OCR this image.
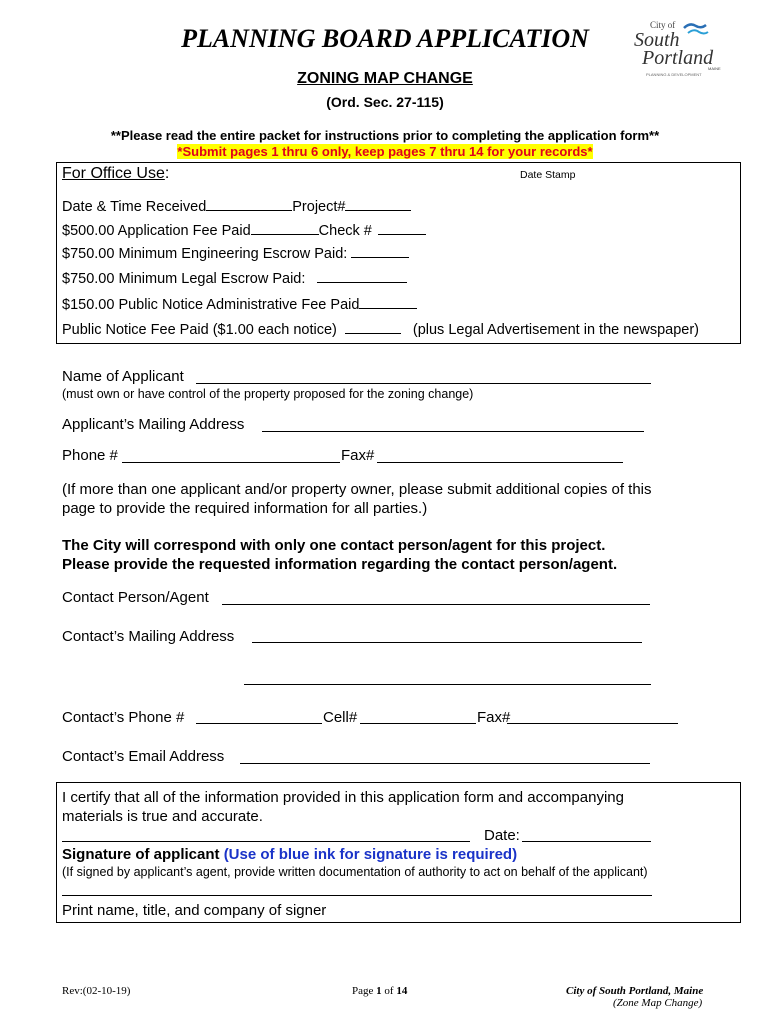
PLANNING BOARD APPLICATION
ZONING MAP CHANGE
(Ord. Sec. 27-115)
**Please read the entire packet for instructions prior to completing the application form**
*Submit pages 1 thru 6 only, keep pages 7 thru 14 for your records*
City of
South
Portland
MAINE
PLANNING & DEVELOPMENT
For Office Use:	Date Stamp
Date & Time Received	Project#
$500.00 Application Fee Paid	Check #
$750.00 Minimum Engineering Escrow Paid:
$750.00 Minimum Legal Escrow Paid:
$150.00 Public Notice Administrative Fee Paid
Public Notice Fee Paid ($1.00 each notice)	(plus Legal Advertisement in the newspaper)
Name of Applicant
(must own or have control of the property proposed for the zoning change)
Applicant’s Mailing Address
Phone #	Fax#
(If more than one applicant and/or property owner, please submit additional copies of this
page to provide the required information for all parties.)
The City will correspond with only one contact person/agent for this project.
Please provide the requested information regarding the contact person/agent.
Contact Person/Agent
Contact’s Mailing Address
Contact’s Phone #	Cell#	Fax#
Contact’s Email Address
I certify that all of the information provided in this application form and accompanying
materials is true and accurate.
Date:
Signature of applicant (Use of blue ink for signature is required)
(If signed by applicant’s agent, provide written documentation of authority to act on behalf of the applicant)
Print name, title, and company of signer
Rev:(02-10-19)	Page 1 of 14	City of South Portland, Maine
(Zone Map Change)
